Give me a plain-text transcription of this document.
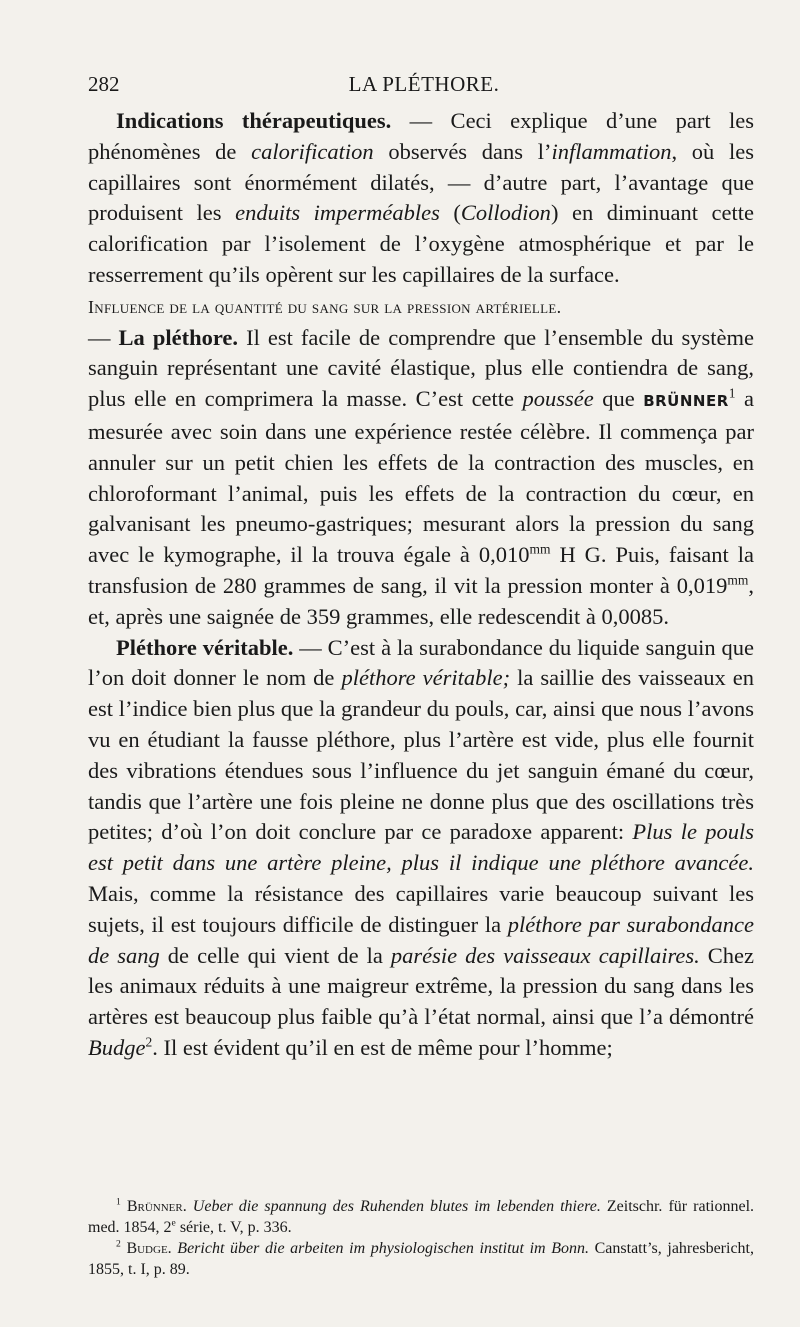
282	LA PLÉTHORE.

Indications thérapeutiques. — Ceci explique d’une part les phénomènes de calorification observés dans l’inflammation, où les capillaires sont énormément dilatés, — d’autre part, l’avantage que produisent les enduits imperméables (Collodion) en diminuant cette calorification par l’isolement de l’oxygène atmosphérique et par le resserrement qu’ils opèrent sur les capillaires de la surface.

Influence de la quantité du sang sur la pression artérielle.

— La pléthore. Il est facile de comprendre que l’ensemble du système sanguin représentant une cavité élastique, plus elle contiendra de sang, plus elle en comprimera la masse. C’est cette poussée que BRÜNNER$^1$ a mesurée avec soin dans une expérience restée célèbre. Il commença par annuler sur un petit chien les effets de la contraction des muscles, en chloroformant l’animal, puis les effets de la contraction du cœur, en galvanisant les pneumo-gastriques; mesurant alors la pression du sang avec le kymographe, il la trouva égale à $0,010^{mm}$ H G. Puis, faisant la transfusion de 280 grammes de sang, il vit la pression monter à $0,019^{mm}$, et, après une saignée de 359 grammes, elle redescendit à 0,0085.

Pléthore véritable. — C’est à la surabondance du liquide sanguin que l’on doit donner le nom de pléthore véritable; la saillie des vaisseaux en est l’indice bien plus que la grandeur du pouls, car, ainsi que nous l’avons vu en étudiant la fausse pléthore, plus l’artère est vide, plus elle fournit des vibrations étendues sous l’influence du jet sanguin émané du cœur, tandis que l’artère une fois pleine ne donne plus que des oscillations très petites; d’où l’on doit conclure par ce paradoxe apparent: Plus le pouls est petit dans une artère pleine, plus il indique une pléthore avancée. Mais, comme la résistance des capillaires varie beaucoup suivant les sujets, il est toujours difficile de distinguer la pléthore par surabondance de sang de celle qui vient de la parésie des vaisseaux capillaires. Chez les animaux réduits à une maigreur extrême, la pression du sang dans les artères est beaucoup plus faible qu’à l’état normal, ainsi que l’a démontré Budge$^2$. Il est évident qu’il en est de même pour l’homme;

$^1$ Brünner. Ueber die spannung des Ruhenden blutes im lebenden thiere. Zeitschr. für rationnel. med. 1854, 2e série, t. V, p. 336.

$^2$ Budge. Bericht über die arbeiten im physiologischen institut im Bonn. Canstatt’s, jahresbericht, 1855, t. I, p. 89.
